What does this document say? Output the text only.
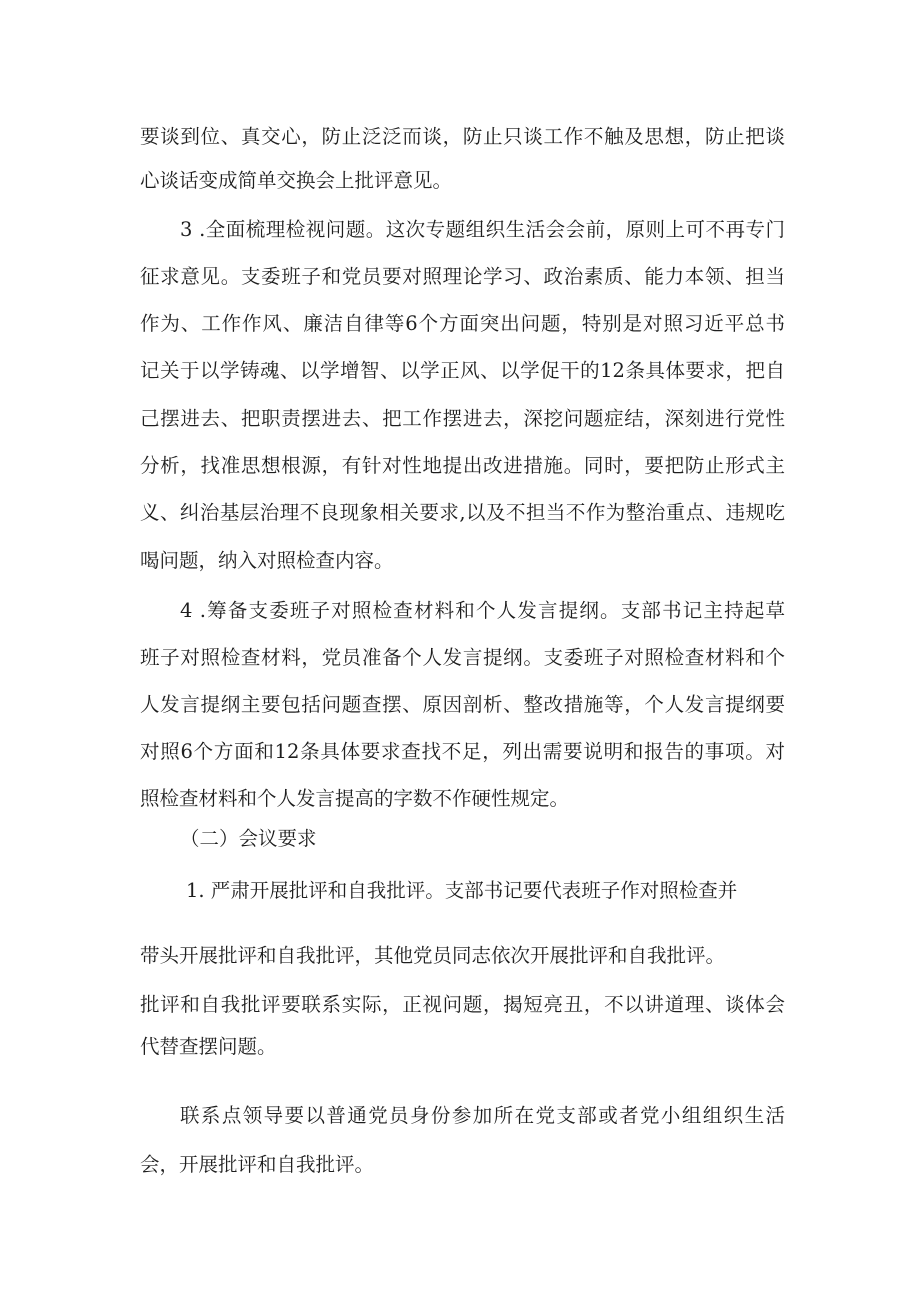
要谈到位、真交心，防止泛泛而谈，防止只谈工作不触及思想，防止把谈
心谈话变成简单交换会上批评意见。
3 .全面梳理检视问题。这次专题组织生活会会前，原则上可不再专门
征求意见。支委班子和党员要对照理论学习、政治素质、能力本领、担当
作为、工作作风、廉洁自律等6个方面突出问题，特别是对照习近平总书
记关于以学铸魂、以学增智、以学正风、以学促干的12条具体要求，把自
己摆进去、把职责摆进去、把工作摆进去，深挖问题症结，深刻进行党性
分析，找准思想根源，有针对性地提出改进措施。同时，要把防止形式主
义、纠治基层治理不良现象相关要求,以及不担当不作为整治重点、违规吃
喝问题，纳入对照检查内容。
4 .筹备支委班子对照检查材料和个人发言提纲。支部书记主持起草
班子对照检查材料，党员准备个人发言提纲。支委班子对照检查材料和个
人发言提纲主要包括问题查摆、原因剖析、整改措施等，个人发言提纲要
对照6个方面和12条具体要求查找不足，列出需要说明和报告的事项。对
照检查材料和个人发言提高的字数不作硬性规定。
（二）会议要求
1. 严肃开展批评和自我批评。支部书记要代表班子作对照检查并
带头开展批评和自我批评，其他党员同志依次开展批评和自我批评。
批评和自我批评要联系实际，正视问题，揭短亮丑，不以讲道理、谈体会
代替查摆问题。
联系点领导要以普通党员身份参加所在党支部或者党小组组织生活
会，开展批评和自我批评。
